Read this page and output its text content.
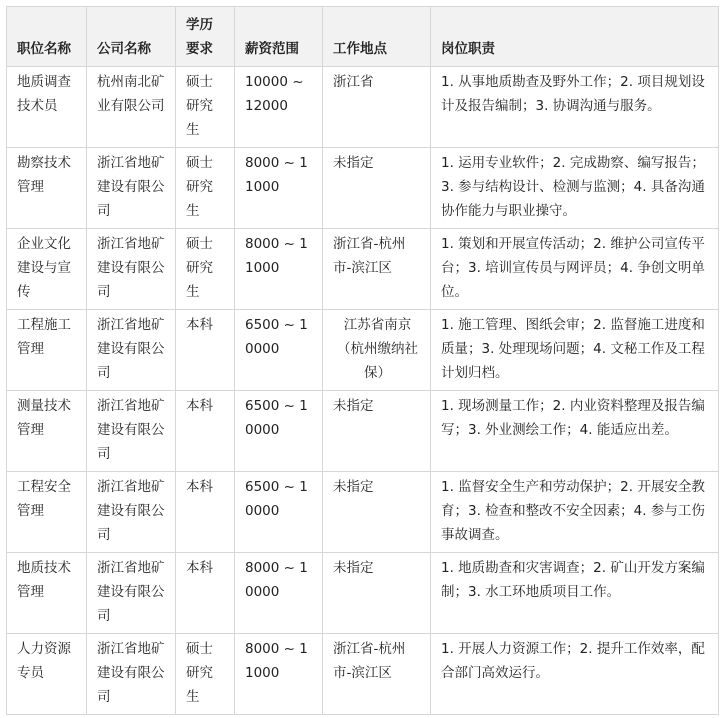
职位名称	公司名称	学历要求	薪资范围	工作地点	岗位职责
地质调查技术员	杭州南北矿业有限公司	硕士研究生	10000 ~ 12000	浙江省	1. 从事地质勘查及野外工作；2. 项目规划设计及报告编制；3. 协调沟通与服务。
勘察技术管理	浙江省地矿建设有限公司	硕士研究生	8000 ~ 11000	未指定	1. 运用专业软件；2. 完成勘察、编写报告；3. 参与结构设计、检测与监测；4. 具备沟通协作能力与职业操守。
企业文化建设与宣传	浙江省地矿建设有限公司	硕士研究生	8000 ~ 11000	浙江省-杭州市-滨江区	1. 策划和开展宣传活动；2. 维护公司宣传平台；3. 培训宣传员与网评员；4. 争创文明单位。
工程施工管理	浙江省地矿建设有限公司	本科	6500 ~ 10000	江苏省南京（杭州缴纳社保）	1. 施工管理、图纸会审；2. 监督施工进度和质量；3. 处理现场问题；4. 文秘工作及工程计划归档。
测量技术管理	浙江省地矿建设有限公司	本科	6500 ~ 10000	未指定	1. 现场测量工作；2. 内业资料整理及报告编写；3. 外业测绘工作；4. 能适应出差。
工程安全管理	浙江省地矿建设有限公司	本科	6500 ~ 10000	未指定	1. 监督安全生产和劳动保护；2. 开展安全教育；3. 检查和整改不安全因素；4. 参与工伤事故调查。
地质技术管理	浙江省地矿建设有限公司	本科	8000 ~ 10000	未指定	1. 地质勘查和灾害调查；2. 矿山开发方案编制；3. 水工环地质项目工作。
人力资源专员	浙江省地矿建设有限公司	硕士研究生	8000 ~ 11000	浙江省-杭州市-滨江区	1. 开展人力资源工作；2. 提升工作效率，配合部门高效运行。
